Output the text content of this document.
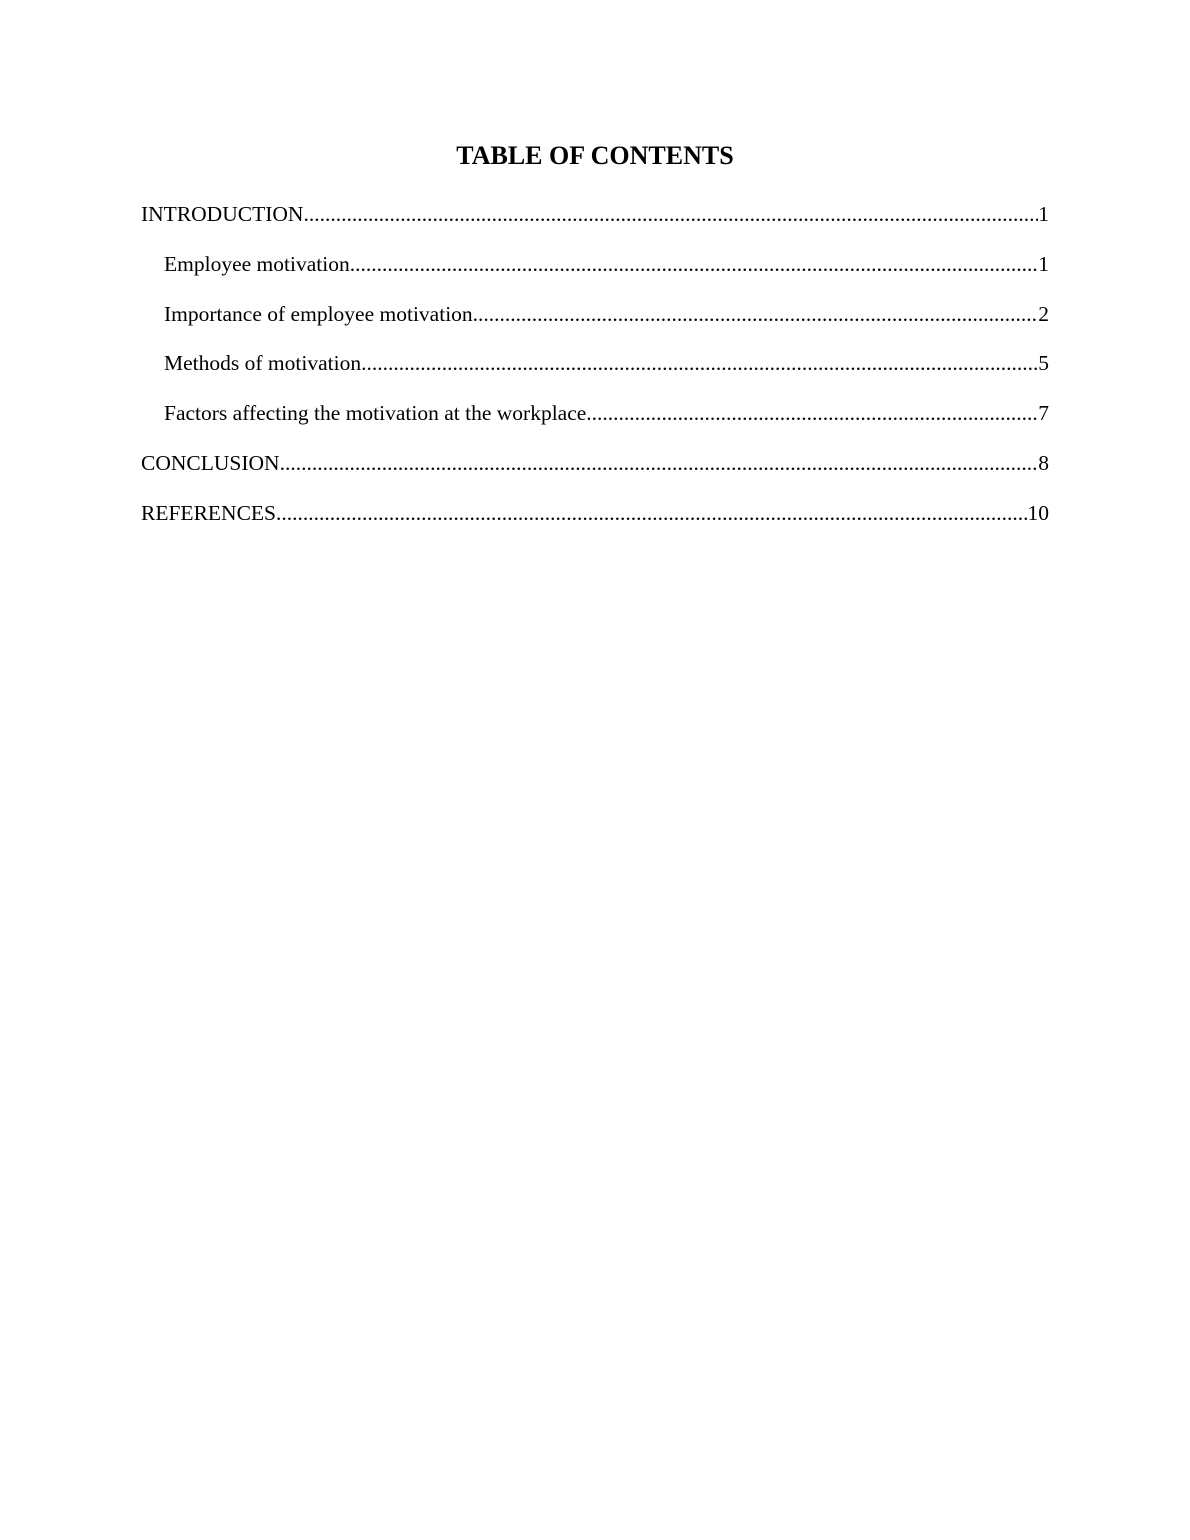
TABLE OF CONTENTS
INTRODUCTION .....	1
Employee motivation .....	1
Importance of employee motivation .....	2
Methods of motivation .....	5
Factors affecting the motivation at the workplace .....	7
CONCLUSION .....	8
REFERENCES .....	10
